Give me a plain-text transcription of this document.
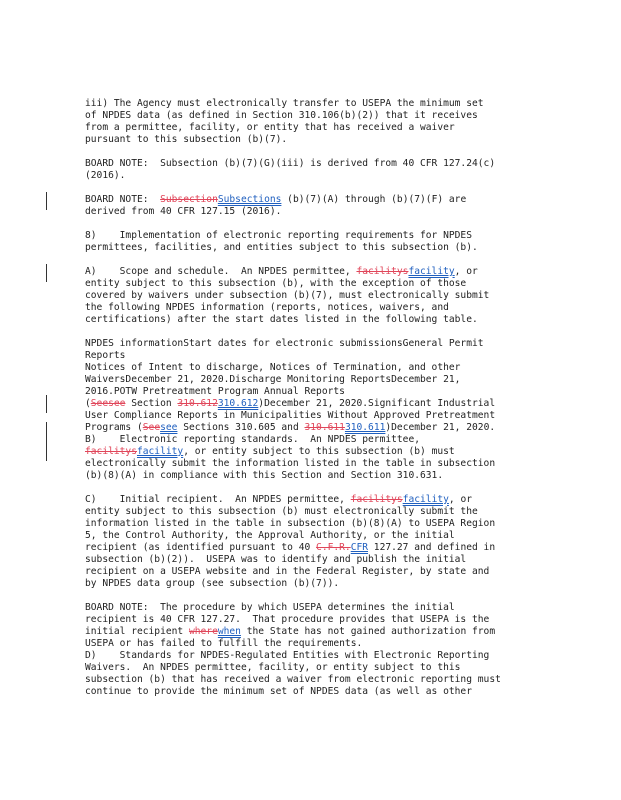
iii) The Agency must electronically transfer to USEPA the minimum set
of NPDES data (as defined in Section 310.106(b)(2)) that it receives
from a permittee, facility, or entity that has received a waiver
pursuant to this subsection (b)(7).

BOARD NOTE:  Subsection (b)(7)(G)(iii) is derived from 40 CFR 127.24(c)
(2016).

BOARD NOTE:  SubsectionSubsections (b)(7)(A) through (b)(7)(F) are
derived from 40 CFR 127.15 (2016).

8)    Implementation of electronic reporting requirements for NPDES
permittees, facilities, and entities subject to this subsection (b).

A)    Scope and schedule.  An NPDES permittee, facilitysfacility, or
entity subject to this subsection (b), with the exception of those
covered by waivers under subsection (b)(7), must electronically submit
the following NPDES information (reports, notices, waivers, and
certifications) after the start dates listed in the following table.

NPDES informationStart dates for electronic submissionsGeneral Permit
Reports
Notices of Intent to discharge, Notices of Termination, and other
WaiversDecember 21, 2020.Discharge Monitoring ReportsDecember 21,
2016.POTW Pretreatment Program Annual Reports
(Seesee Section 310.612310.612)December 21, 2020.Significant Industrial
User Compliance Reports in Municipalities Without Approved Pretreatment
Programs (Seesee Sections 310.605 and 310.611310.611)December 21, 2020.

B)    Electronic reporting standards.  An NPDES permittee,
facilitysfacility, or entity subject to this subsection (b) must
electronically submit the information listed in the table in subsection
(b)(8)(A) in compliance with this Section and Section 310.631.

C)    Initial recipient.  An NPDES permittee, facilitysfacility, or
entity subject to this subsection (b) must electronically submit the
information listed in the table in subsection (b)(8)(A) to USEPA Region
5, the Control Authority, the Approval Authority, or the initial
recipient (as identified pursuant to 40 C.F.R.CFR 127.27 and defined in
subsection (b)(2)).  USEPA was to identify and publish the initial
recipient on a USEPA website and in the Federal Register, by state and
by NPDES data group (see subsection (b)(7)).

BOARD NOTE:  The procedure by which USEPA determines the initial
recipient is 40 CFR 127.27.  That procedure provides that USEPA is the
initial recipient wherewhen the State has not gained authorization from
USEPA or has failed to fulfill the requirements.

D)    Standards for NPDES-Regulated Entities with Electronic Reporting
Waivers.  An NPDES permittee, facility, or entity subject to this
subsection (b) that has received a waiver from electronic reporting must
continue to provide the minimum set of NPDES data (as well as other
